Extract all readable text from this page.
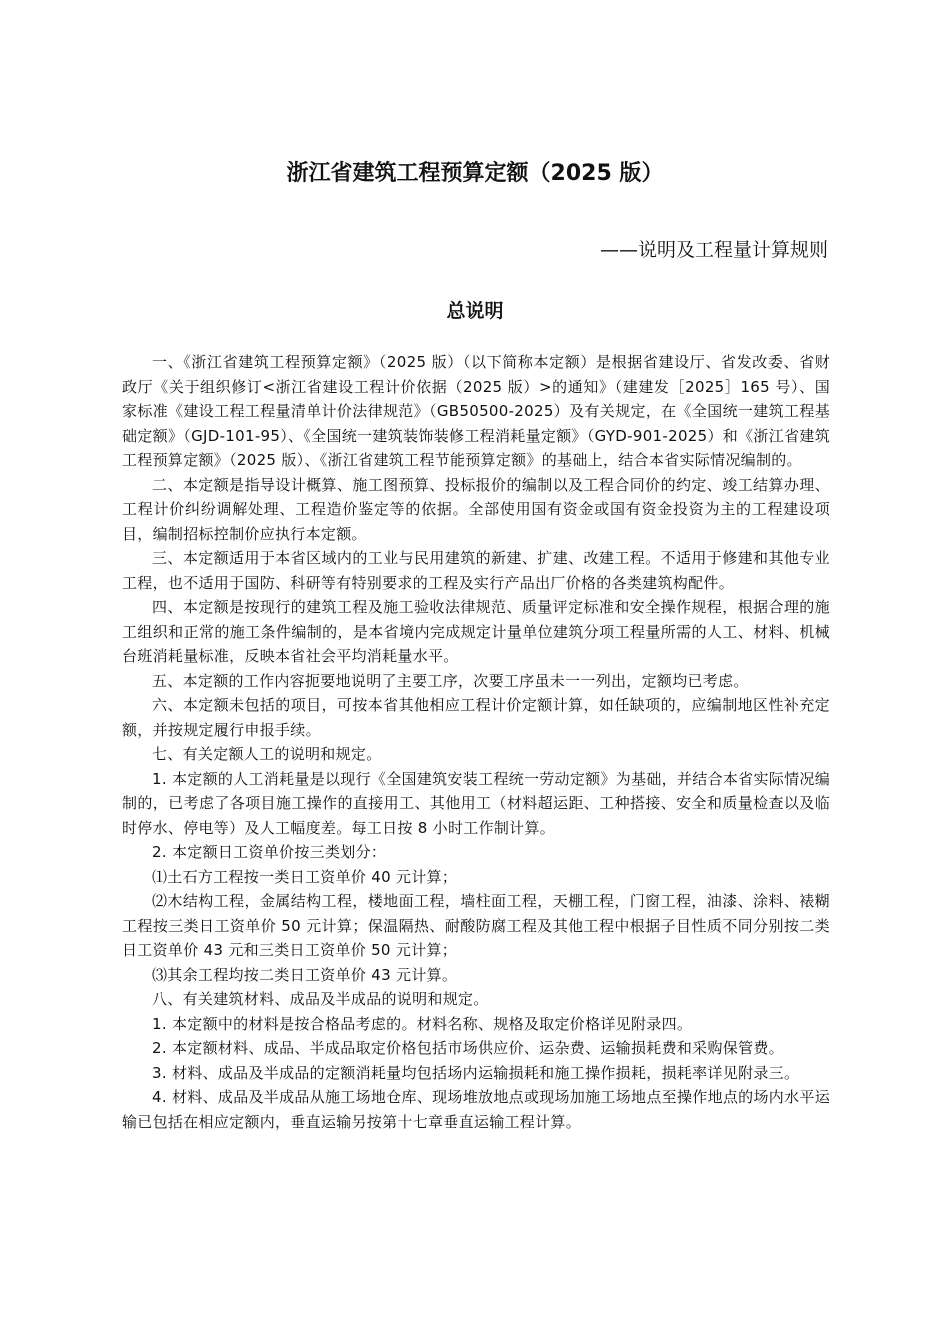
浙江省建筑工程预算定额（2025 版）
——说明及工程量计算规则
总说明

一、《浙江省建筑工程预算定额》（2025 版）（以下简称本定额）是根据省建设厅、省发改委、省财政厅《关于组织修订<浙江省建设工程计价依据（2025 版）>的通知》（建建发［2025］165 号）、国家标准《建设工程工程量清单计价法律规范》（GB50500-2025）及有关规定，在《全国统一建筑工程基础定额》（GJD-101-95）、《全国统一建筑装饰装修工程消耗量定额》（GYD-901-2025）和《浙江省建筑工程预算定额》（2025 版）、《浙江省建筑工程节能预算定额》的基础上，结合本省实际情况编制的。

二、本定额是指导设计概算、施工图预算、投标报价的编制以及工程合同价的约定、竣工结算办理、工程计价纠纷调解处理、工程造价鉴定等的依据。全部使用国有资金或国有资金投资为主的工程建设项目，编制招标控制价应执行本定额。

三、本定额适用于本省区域内的工业与民用建筑的新建、扩建、改建工程。不适用于修建和其他专业工程，也不适用于国防、科研等有特别要求的工程及实行产品出厂价格的各类建筑构配件。

四、本定额是按现行的建筑工程及施工验收法律规范、质量评定标准和安全操作规程，根据合理的施工组织和正常的施工条件编制的，是本省境内完成规定计量单位建筑分项工程量所需的人工、材料、机械台班消耗量标准，反映本省社会平均消耗量水平。

五、本定额的工作内容扼要地说明了主要工序，次要工序虽未一一列出，定额均已考虑。

六、本定额未包括的项目，可按本省其他相应工程计价定额计算，如任缺项的，应编制地区性补充定额，并按规定履行申报手续。

七、有关定额人工的说明和规定。

1. 本定额的人工消耗量是以现行《全国建筑安装工程统一劳动定额》为基础，并结合本省实际情况编制的，已考虑了各项目施工操作的直接用工、其他用工（材料超运距、工种搭接、安全和质量检查以及临时停水、停电等）及人工幅度差。每工日按 8 小时工作制计算。

2. 本定额日工资单价按三类划分：

⑴土石方工程按一类日工资单价 40 元计算；

⑵木结构工程，金属结构工程，楼地面工程，墙柱面工程，天棚工程，门窗工程，油漆、涂料、裱糊工程按三类日工资单价 50 元计算；保温隔热、耐酸防腐工程及其他工程中根据子目性质不同分别按二类日工资单价 43 元和三类日工资单价 50 元计算；

⑶其余工程均按二类日工资单价 43 元计算。

八、有关建筑材料、成品及半成品的说明和规定。

1. 本定额中的材料是按合格品考虑的。材料名称、规格及取定价格详见附录四。

2. 本定额材料、成品、半成品取定价格包括市场供应价、运杂费、运输损耗费和采购保管费。

3. 材料、成品及半成品的定额消耗量均包括场内运输损耗和施工操作损耗，损耗率详见附录三。

4. 材料、成品及半成品从施工场地仓库、现场堆放地点或现场加施工场地点至操作地点的场内水平运输已包括在相应定额内，垂直运输另按第十七章垂直运输工程计算。
